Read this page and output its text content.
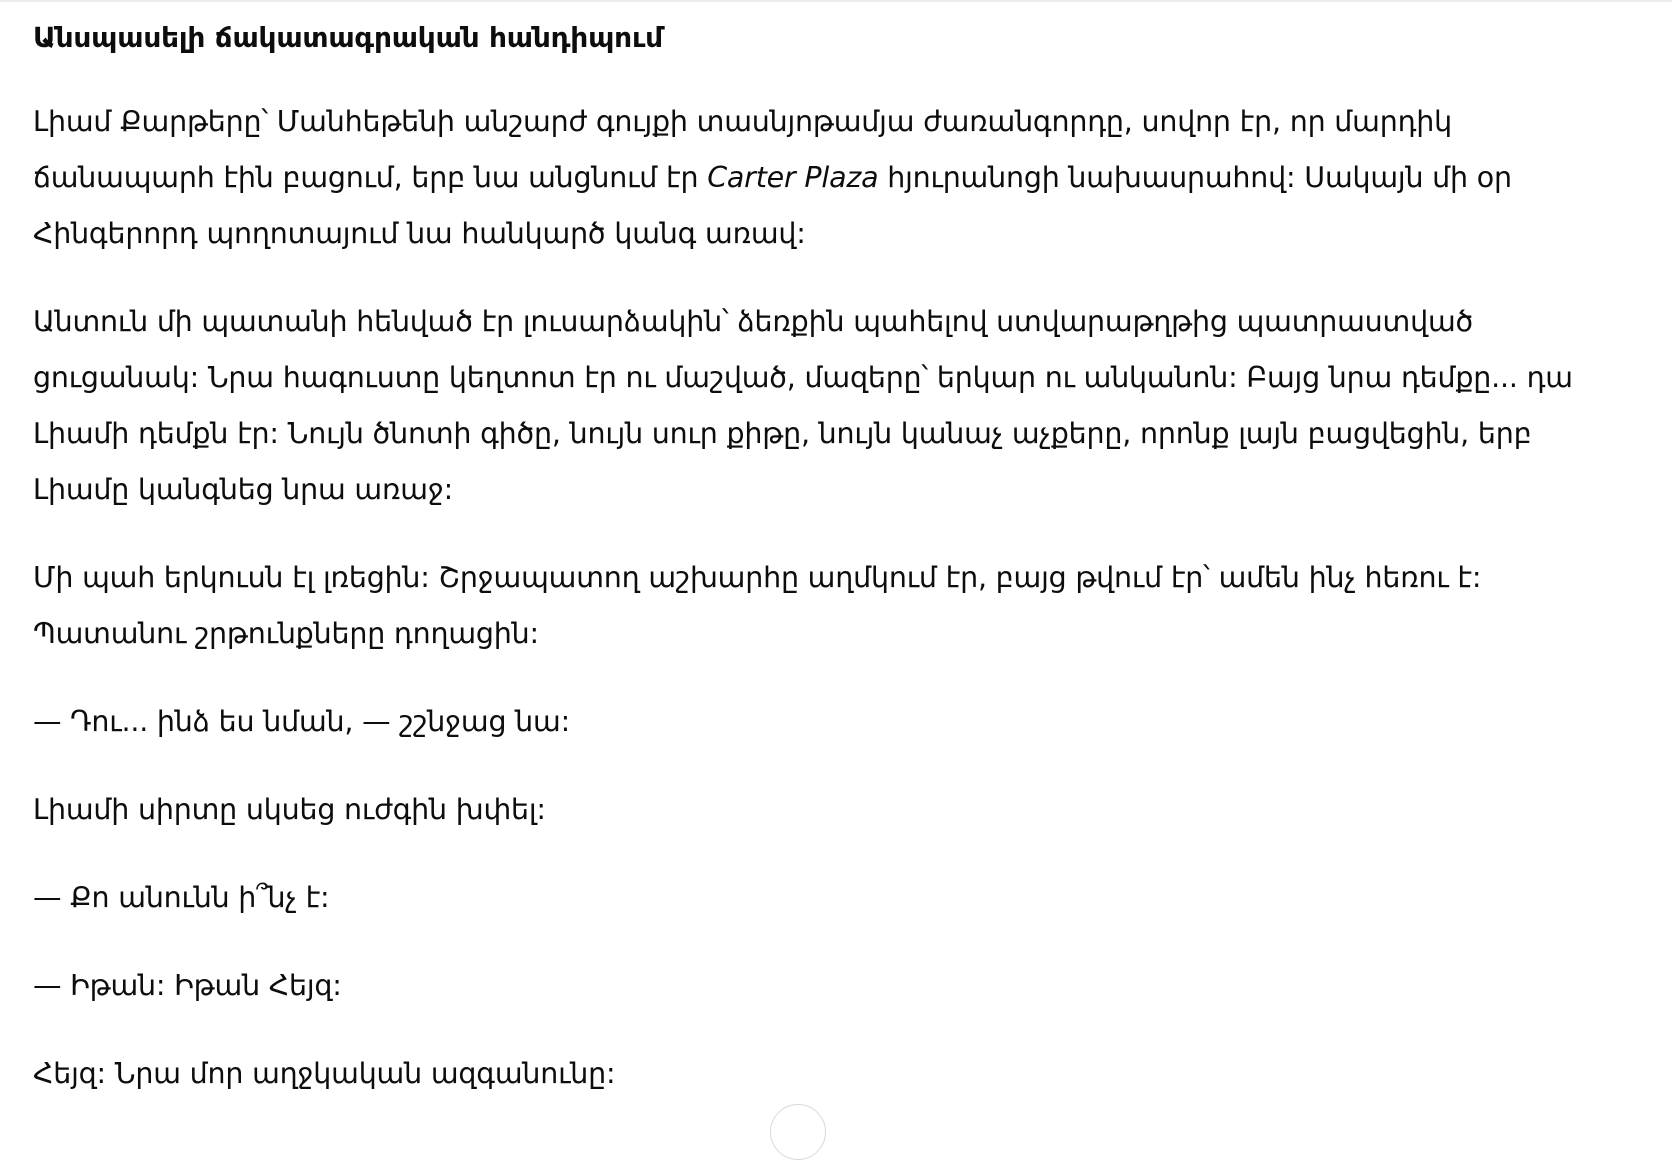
Անսպասելի ճակատագրական հանդիպում

Լիամ Քարթերը՝ Մանհեթենի անշարժ գույքի տասնյոթամյա ժառանգորդը, սովոր էր, որ մարդիկ ճանապարհ էին բացում, երբ նա անցնում էր Carter Plaza հյուրանոցի նախասրահով: Սակայն մի օր Հինգերորդ պողոտայում նա հանկարծ կանգ առավ:

Անտուն մի պատանի հենված էր լուսարձակին՝ ձեռքին պահելով ստվարաթղթից պատրաստված ցուցանակ: Նրա հագուստը կեղտոտ էր ու մաշված, մազերը՝ երկար ու անկանոն: Բայց նրա դեմքը... դա Լիամի դեմքն էր: Նույն ծնոտի գիծը, նույն սուր քիթը, նույն կանաչ աչքերը, որոնք լայն բացվեցին, երբ Լիամը կանգնեց նրա առաջ:

Մի պահ երկուսն էլ լռեցին: Շրջապատող աշխարհը աղմկում էր, բայց թվում էր՝ ամեն ինչ հեռու է: Պատանու շրթունքները դողացին:

— Դու... ինձ ես նման, — շշնջաց նա:

Լիամի սիրտը սկսեց ուժգին խփել:

— Քո անունն ի՞նչ է:

— Իթան: Իթան Հեյզ:

Հեյզ: Նրա մոր աղջկական ազգանունը:
